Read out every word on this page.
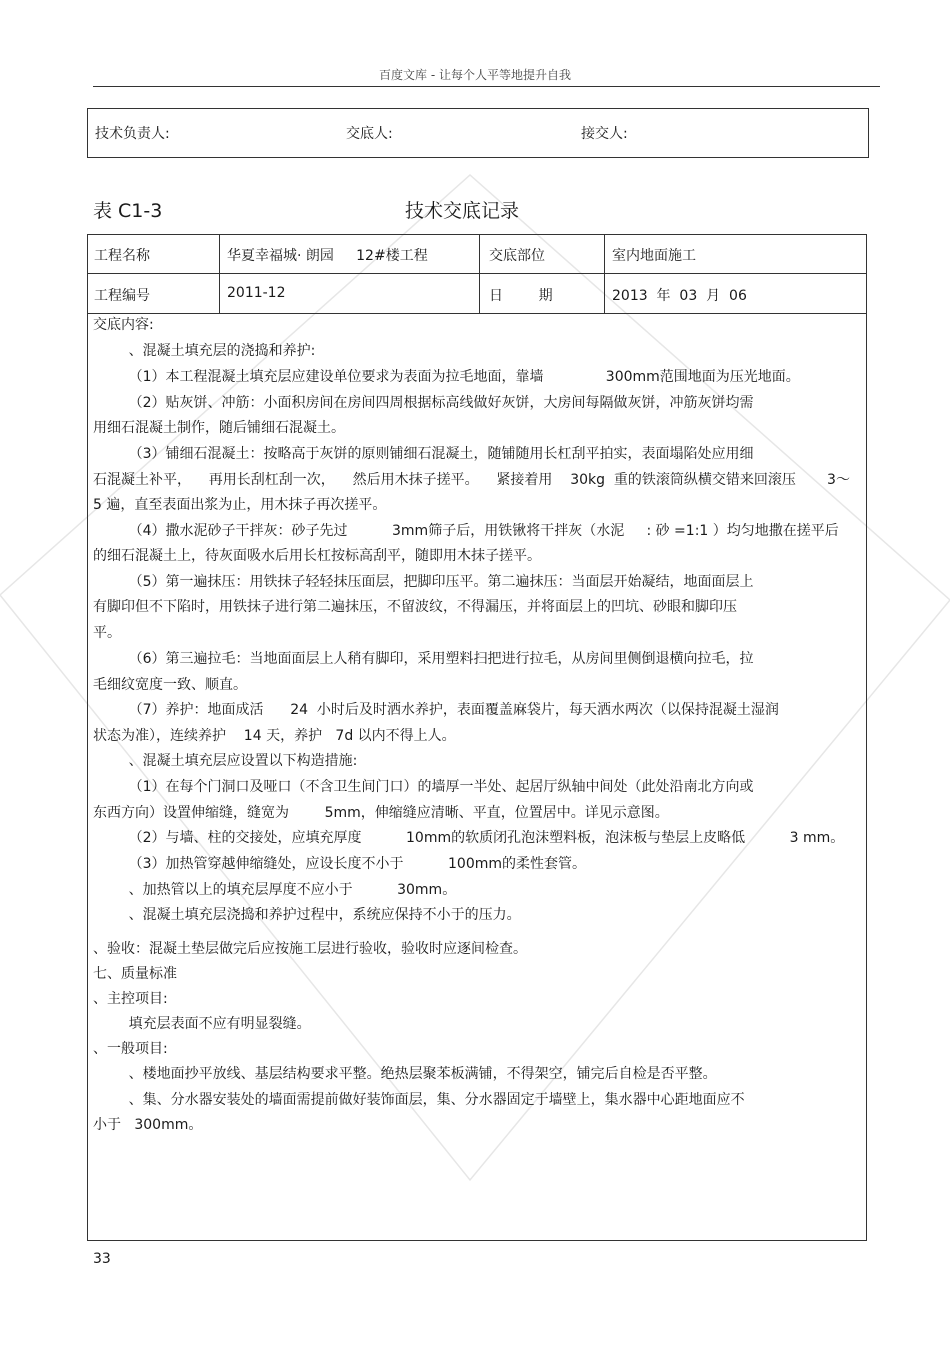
百度文库 - 让每个人平等地提升自我
技术负责人:	交底人:	接交人:
表 C1-3	技术交底记录
工程名称	华夏幸福城· 朗园     12#楼工程	交底部位	室内地面施工
工程编号	2011-12	日        期	2013  年  03  月  06
交底内容:
、混凝土填充层的浇捣和养护:
（1）本工程混凝土填充层应建设单位要求为表面为拉毛地面，靠墙              300mm范围地面为压光地面。
（2）贴灰饼、冲筋：小面积房间在房间四周根据标高线做好灰饼，大房间每隔做灰饼，冲筋灰饼均需
用细石混凝土制作，随后铺细石混凝土。
（3）铺细石混凝土：按略高于灰饼的原则铺细石混凝土，随铺随用长杠刮平拍实，表面塌陷处应用细
石混凝土补平，    再用长刮杠刮一次，    然后用木抹子搓平。    紧接着用    30kg  重的铁滚筒纵横交错来回滚压       3～
5 遍，直至表面出浆为止，用木抹子再次搓平。
（4）撒水泥砂子干拌灰：砂子先过          3mm筛子后，用铁锹将干拌灰（水泥     : 砂 =1:1 ）均匀地撒在搓平后
的细石混凝土上，待灰面吸水后用长杠按标高刮平，随即用木抹子搓平。
（5）第一遍抹压：用铁抹子轻轻抹压面层，把脚印压平。第二遍抹压：当面层开始凝结，地面面层上
有脚印但不下陷时，用铁抹子进行第二遍抹压，不留波纹，不得漏压，并将面层上的凹坑、砂眼和脚印压
平。
（6）第三遍拉毛：当地面面层上人稍有脚印，采用塑料扫把进行拉毛，从房间里侧倒退横向拉毛，拉
毛细纹宽度一致、顺直。
（7）养护：地面成活      24  小时后及时洒水养护，表面覆盖麻袋片，每天洒水两次（以保持混凝土湿润
状态为准），连续养护    14 天，养护   7d 以内不得上人。
、混凝土填充层应设置以下构造措施:
（1）在每个门洞口及哑口（不含卫生间门口）的墙厚一半处、起居厅纵轴中间处（此处沿南北方向或
东西方向）设置伸缩缝，缝宽为        5mm，伸缩缝应清晰、平直，位置居中。详见示意图。
（2）与墙、柱的交接处，应填充厚度          10mm的软质闭孔泡沫塑料板，泡沫板与垫层上皮略低          3 mm。
（3）加热管穿越伸缩缝处，应设长度不小于          100mm的柔性套管。
、加热管以上的填充层厚度不应小于          30mm。
、混凝土填充层浇捣和养护过程中，系统应保持不小于的压力。
、验收：混凝土垫层做完后应按施工层进行验收，验收时应逐间检查。
七、质量标准
、主控项目:
填充层表面不应有明显裂缝。
、一般项目:
、楼地面抄平放线、基层结构要求平整。绝热层聚苯板满铺，不得架空，铺完后自检是否平整。
、集、分水器安装处的墙面需提前做好装饰面层，集、分水器固定于墙壁上，集水器中心距地面应不
小于   300mm。
33
